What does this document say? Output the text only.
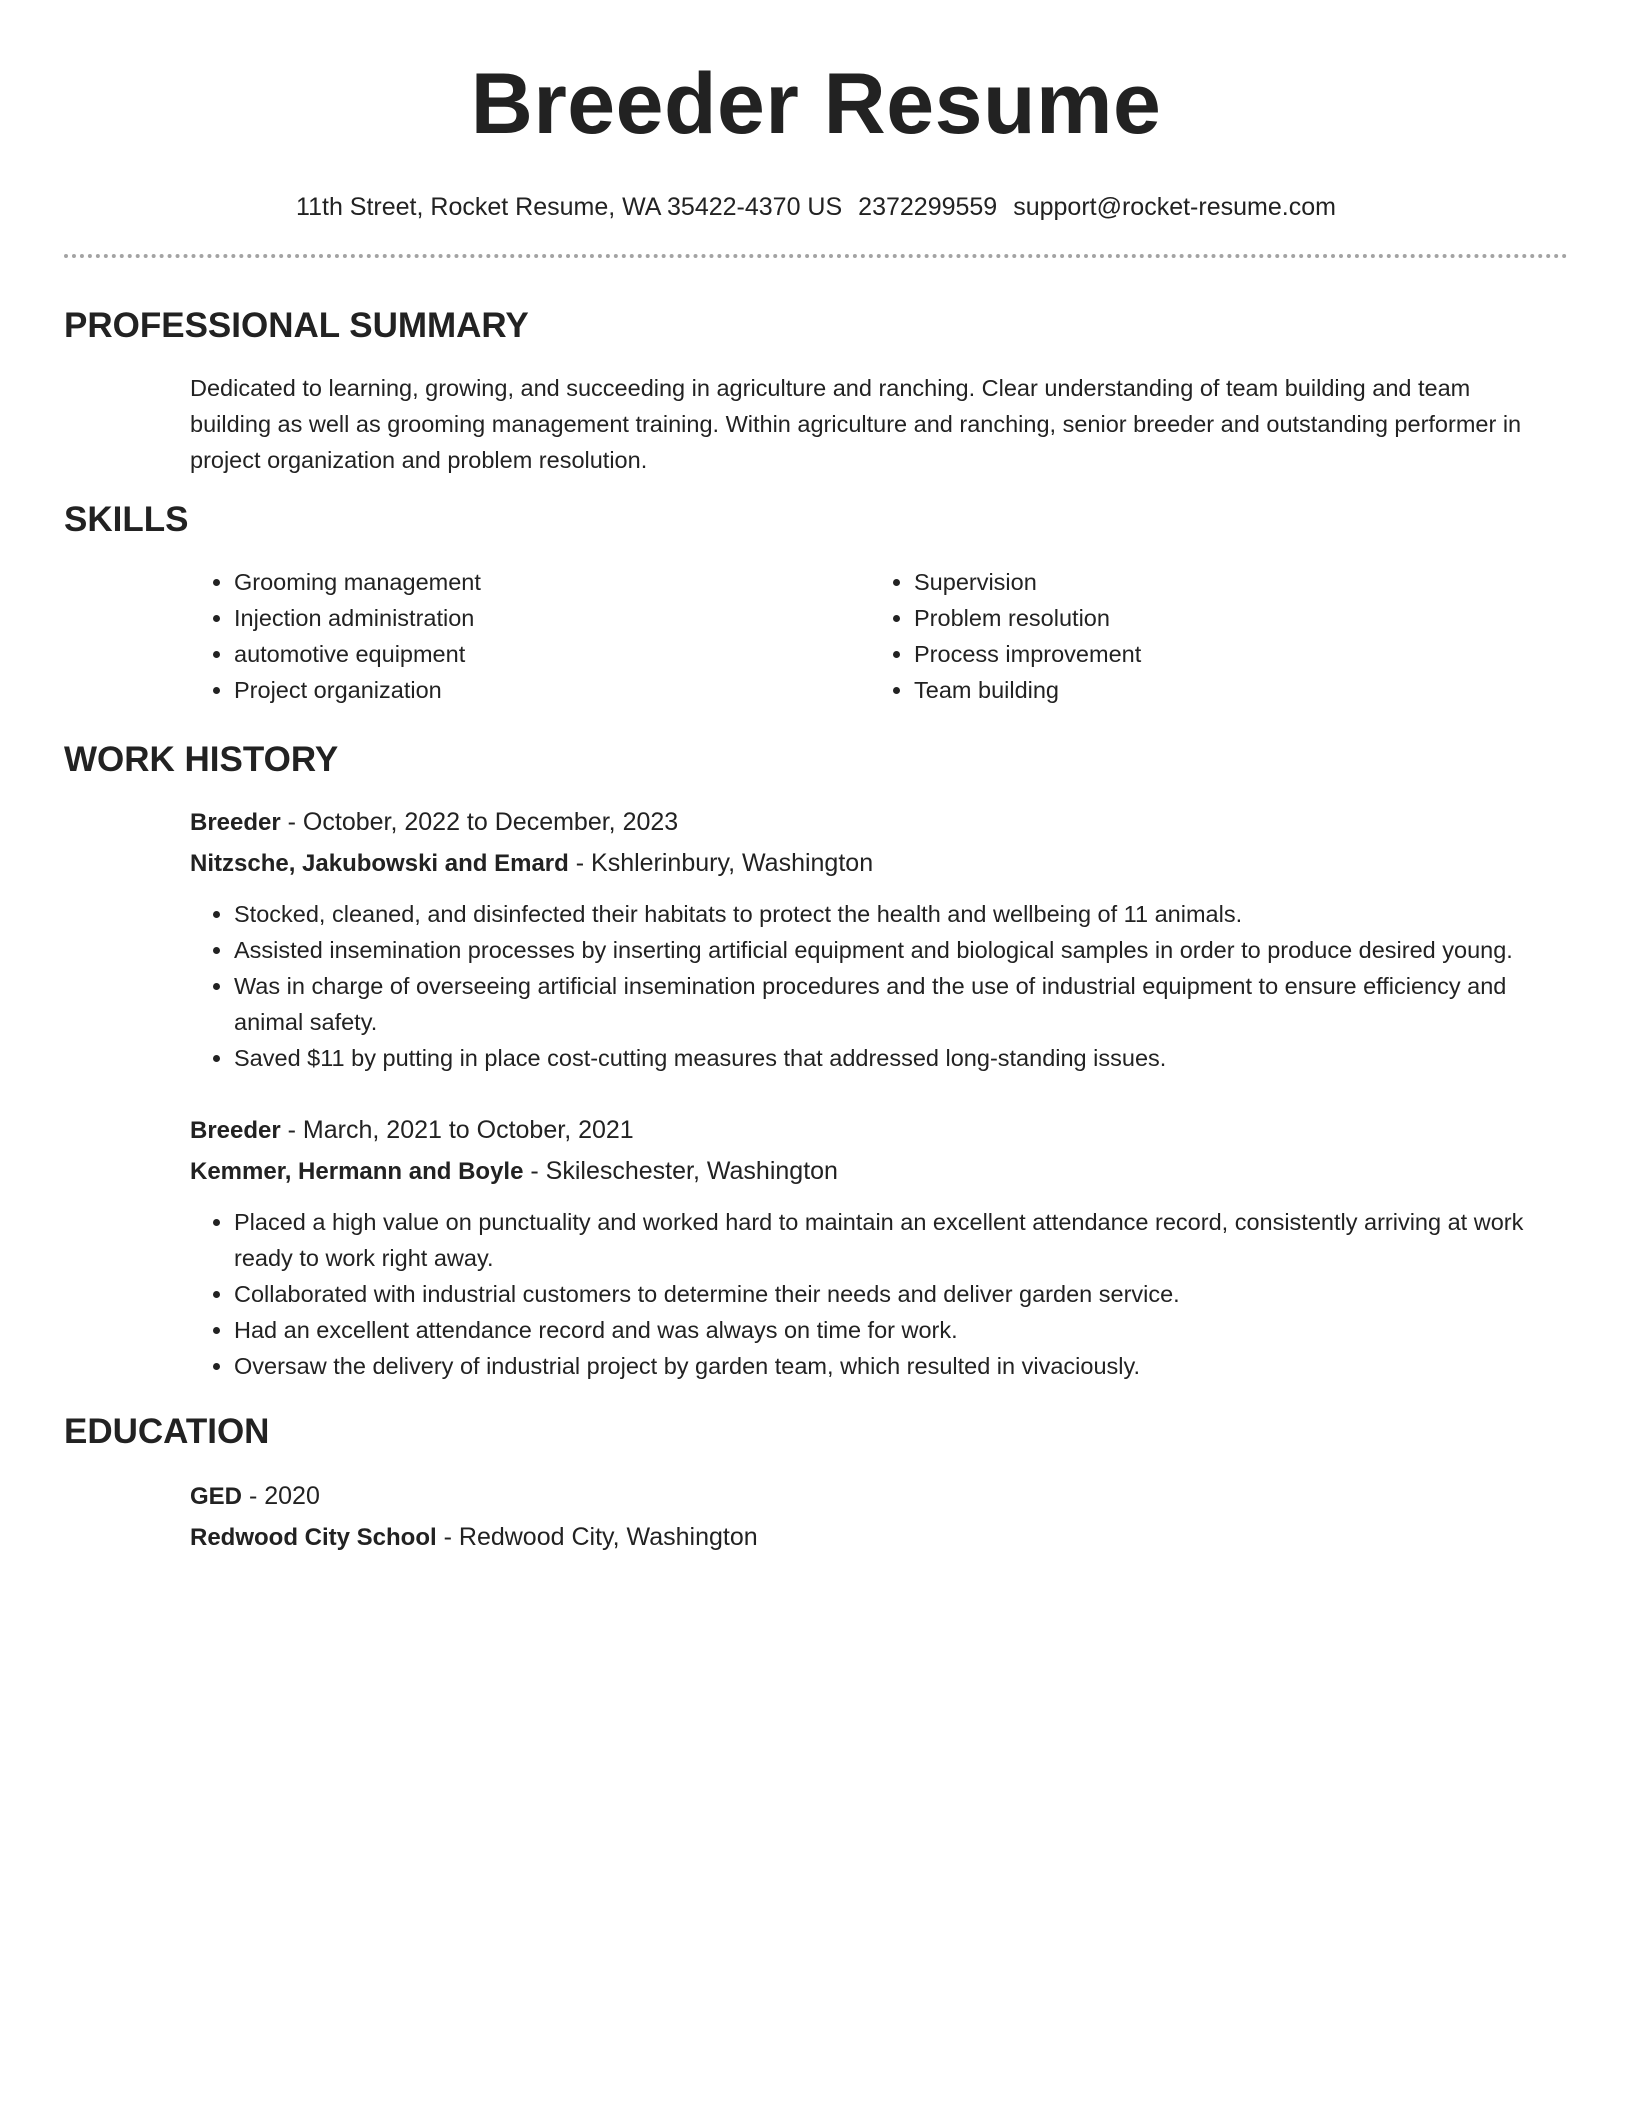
Breeder Resume
11th Street, Rocket Resume, WA 35422-4370 US 2372299559 support@rocket-resume.com
PROFESSIONAL SUMMARY
Dedicated to learning, growing, and succeeding in agriculture and ranching. Clear understanding of team building and team building as well as grooming management training. Within agriculture and ranching, senior breeder and outstanding performer in project organization and problem resolution.
SKILLS
• Grooming management
• Injection administration
• automotive equipment
• Project organization
• Supervision
• Problem resolution
• Process improvement
• Team building
WORK HISTORY
Breeder - October, 2022 to December, 2023
Nitzsche, Jakubowski and Emard - Kshlerinbury, Washington
• Stocked, cleaned, and disinfected their habitats to protect the health and wellbeing of 11 animals.
• Assisted insemination processes by inserting artificial equipment and biological samples in order to produce desired young.
• Was in charge of overseeing artificial insemination procedures and the use of industrial equipment to ensure efficiency and animal safety.
• Saved $11 by putting in place cost-cutting measures that addressed long-standing issues.
Breeder - March, 2021 to October, 2021
Kemmer, Hermann and Boyle - Skileschester, Washington
• Placed a high value on punctuality and worked hard to maintain an excellent attendance record, consistently arriving at work ready to work right away.
• Collaborated with industrial customers to determine their needs and deliver garden service.
• Had an excellent attendance record and was always on time for work.
• Oversaw the delivery of industrial project by garden team, which resulted in vivaciously.
EDUCATION
GED - 2020
Redwood City School - Redwood City, Washington
